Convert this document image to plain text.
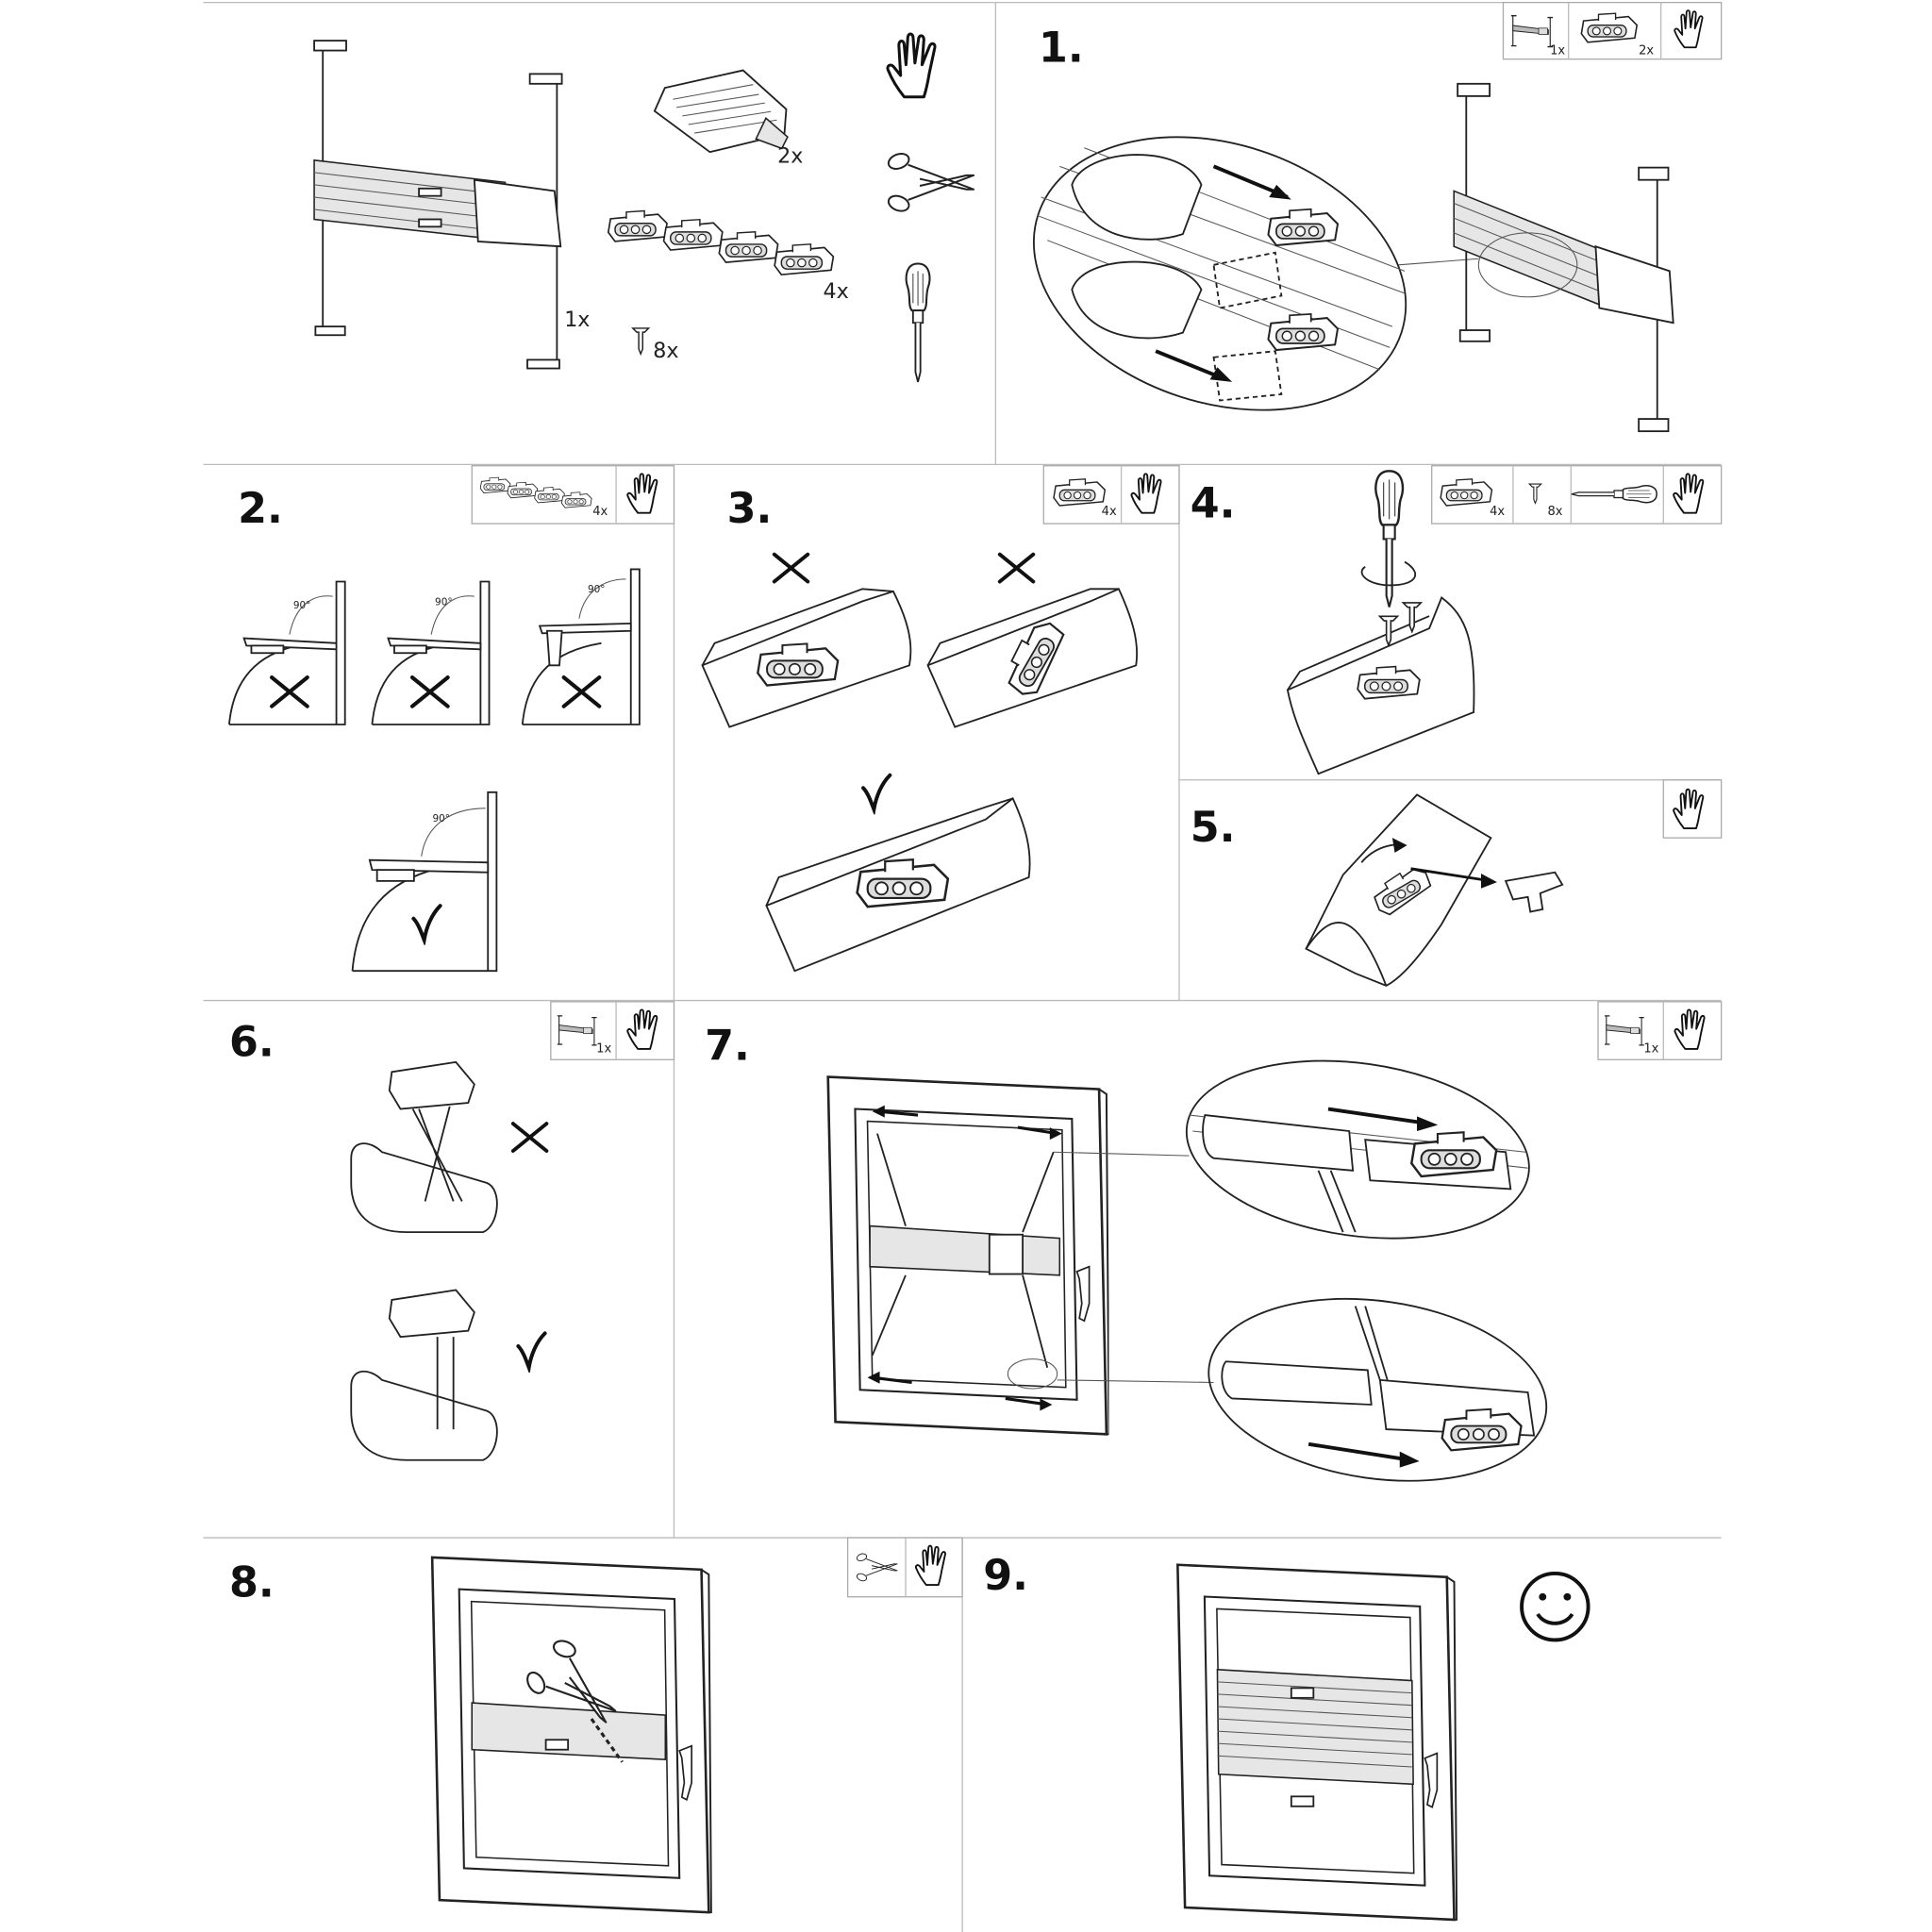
1x
2x
4x
8x
1.	1x	2x
2.	4x
90°	90°
90°
90°
3.	4x 4.	4x	8x
5.
6.	1x	7.	1x
8.	9.
